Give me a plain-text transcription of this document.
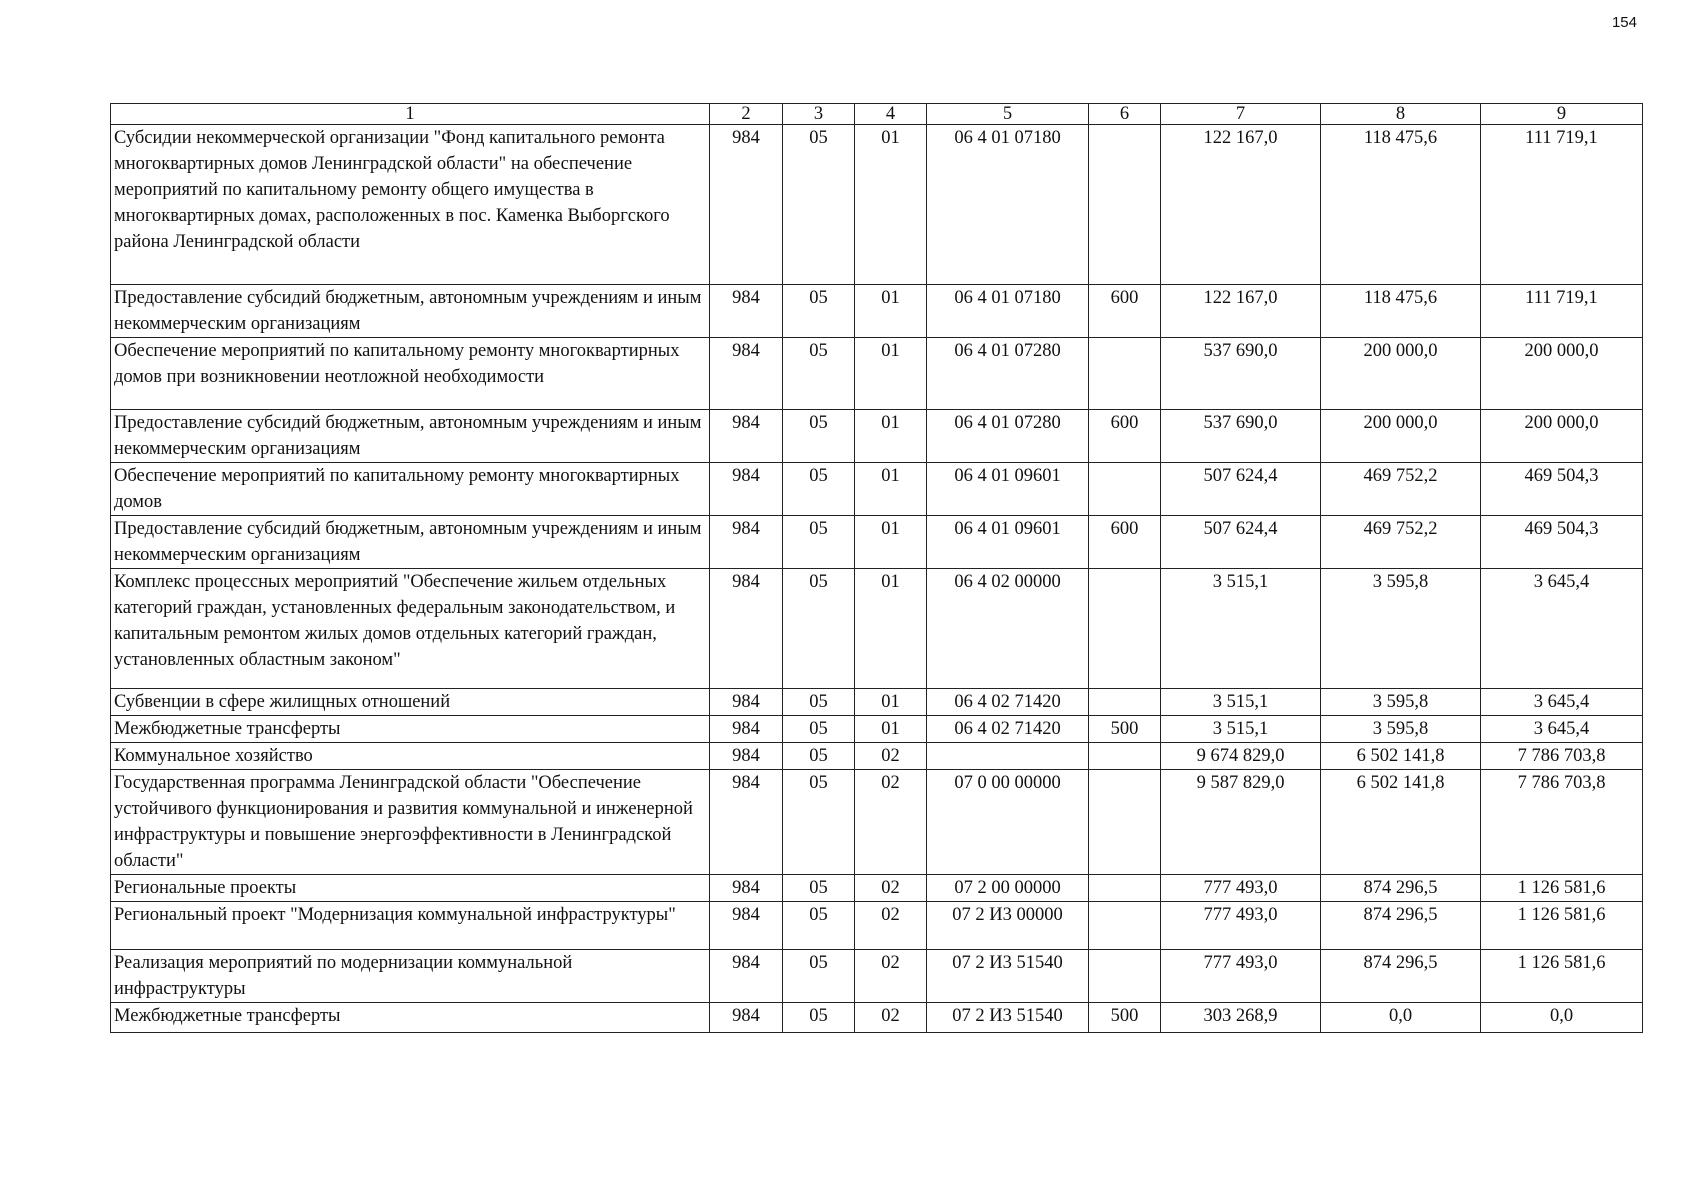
154
1	2	3	4	5	6	7	8	9
Субсидии некоммерческой организации "Фонд капитального ремонта многоквартирных домов Ленинградской области" на обеспечение мероприятий по капитальному ремонту общего имущества в многоквартирных домах, расположенных в пос. Каменка Выборгского района Ленинградской области	984	05	01	06 4 01 07180		122 167,0	118 475,6	111 719,1
Предоставление субсидий бюджетным, автономным учреждениям и иным некоммерческим организациям	984	05	01	06 4 01 07180	600	122 167,0	118 475,6	111 719,1
Обеспечение мероприятий по капитальному ремонту многоквартирных домов при возникновении неотложной необходимости	984	05	01	06 4 01 07280		537 690,0	200 000,0	200 000,0
Предоставление субсидий бюджетным, автономным учреждениям и иным некоммерческим организациям	984	05	01	06 4 01 07280	600	537 690,0	200 000,0	200 000,0
Обеспечение мероприятий по капитальному ремонту многоквартирных домов	984	05	01	06 4 01 09601		507 624,4	469 752,2	469 504,3
Предоставление субсидий бюджетным, автономным учреждениям и иным некоммерческим организациям	984	05	01	06 4 01 09601	600	507 624,4	469 752,2	469 504,3
Комплекс процессных мероприятий "Обеспечение жильем отдельных категорий граждан, установленных федеральным законодательством, и капитальным ремонтом жилых домов отдельных категорий граждан, установленных областным законом"	984	05	01	06 4 02 00000		3 515,1	3 595,8	3 645,4
Субвенции в сфере жилищных отношений	984	05	01	06 4 02 71420		3 515,1	3 595,8	3 645,4
Межбюджетные трансферты	984	05	01	06 4 02 71420	500	3 515,1	3 595,8	3 645,4
Коммунальное хозяйство	984	05	02			9 674 829,0	6 502 141,8	7 786 703,8
Государственная программа Ленинградской области "Обеспечение устойчивого функционирования и развития коммунальной и инженерной инфраструктуры и повышение энергоэффективности в Ленинградской области"	984	05	02	07 0 00 00000		9 587 829,0	6 502 141,8	7 786 703,8
Региональные проекты	984	05	02	07 2 00 00000		777 493,0	874 296,5	1 126 581,6
Региональный проект "Модернизация коммунальной инфраструктуры"	984	05	02	07 2 И3 00000		777 493,0	874 296,5	1 126 581,6
Реализация мероприятий по модернизации коммунальной инфраструктуры	984	05	02	07 2 И3 51540		777 493,0	874 296,5	1 126 581,6
Межбюджетные трансферты	984	05	02	07 2 И3 51540	500	303 268,9	0,0	0,0
